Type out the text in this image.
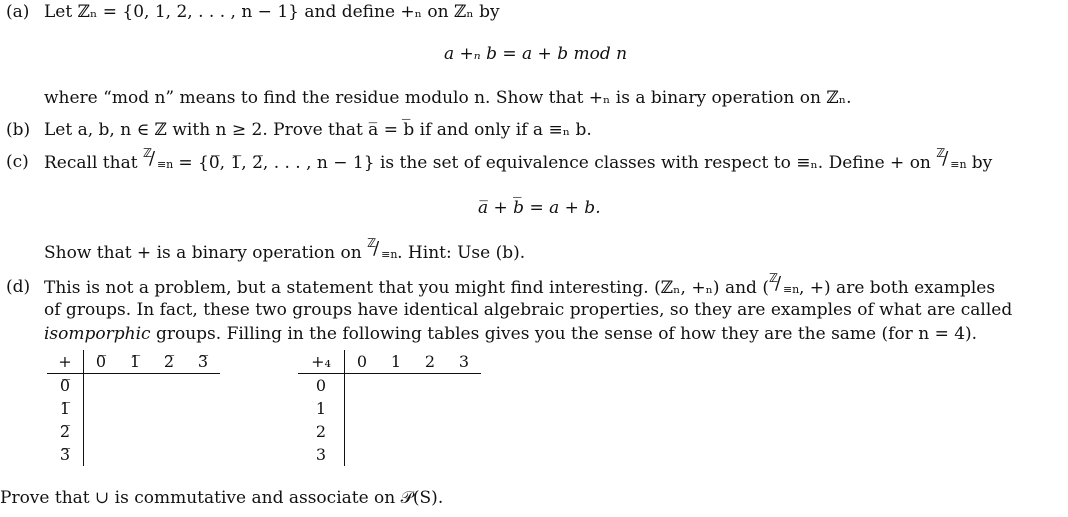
(a) Let ℤₙ = {0, 1, 2, . . . , n − 1} and define +ₙ on ℤₙ by
a +ₙ b = a + b mod n
where “mod n” means to find the residue modulo n. Show that +ₙ is a binary operation on ℤₙ.
(b) Let a, b, n ∈ ℤ with n ≥ 2. Prove that a̅ = b̅ if and only if a ≡ₙ b.
(c) Recall that ℤ
/ ≡n = {0̅, 1̅, 2̅, . . . , n − 1} is the set of equivalence classes with respect to ≡ₙ. Define + on ℤ
/ ≡n by
a̅ + b̅ = a + b.
Show that + is a binary operation on ℤ
/ ≡n . Hint: Use (b).
(d) This is not a problem, but a statement that you might find interesting. (ℤₙ, +ₙ) and ( ℤ
/ ≡n , +) are both examples
of groups. In fact, these two groups have identical algebraic properties, so they are examples of what are called
isomporphic groups. Filling in the following tables gives you the sense of how they are the same (for n = 4).
+	0̅	1̅	2̅	3̅
0̅				
1̅				
2̅				
3̅				
+₄	0	1	2	3
0				
1				
2				
3				
Prove that ∪ is commutative and associate on 𝒫(S).
